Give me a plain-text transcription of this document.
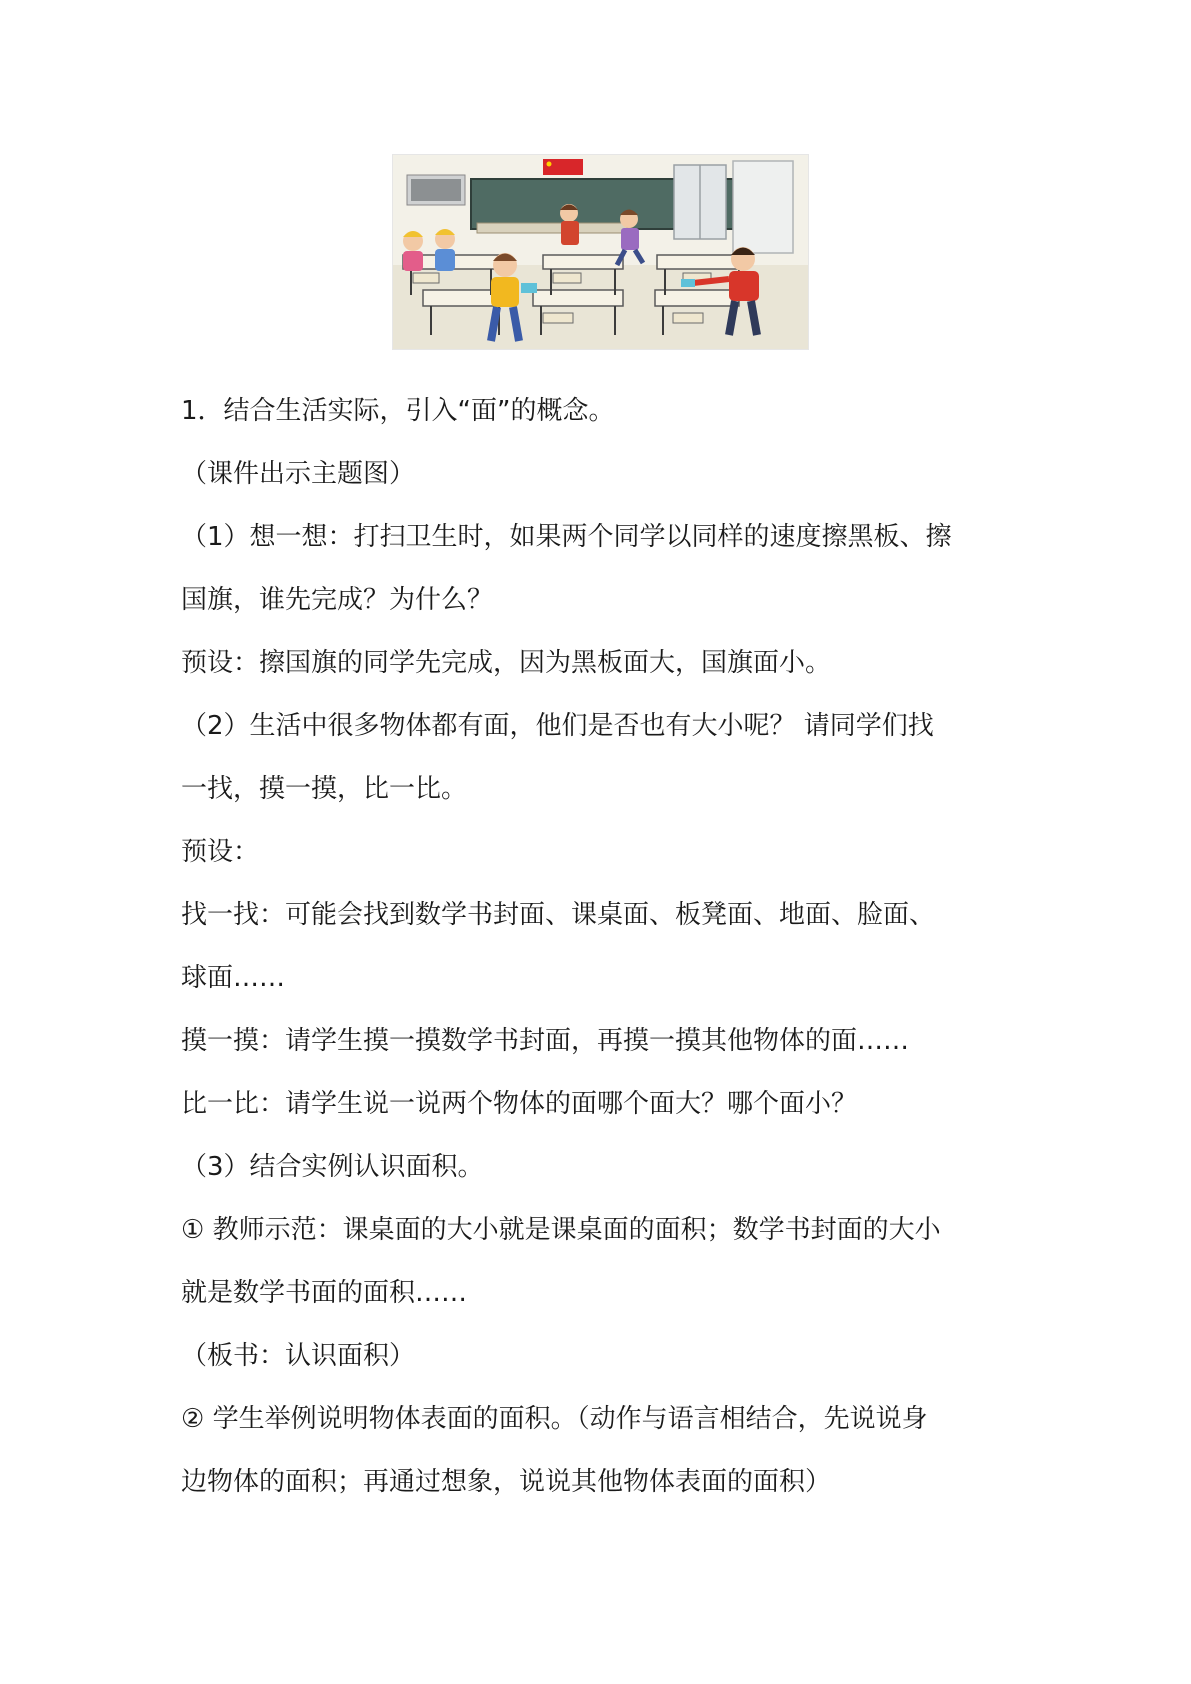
1．结合生活实际，引入“面”的概念。
（课件出示主题图）
（1）想一想：打扫卫生时，如果两个同学以同样的速度擦黑板、擦
国旗，谁先完成？为什么？
预设：擦国旗的同学先完成，因为黑板面大，国旗面小。
（2）生活中很多物体都有面，他们是否也有大小呢？ 请同学们找
一找，摸一摸，比一比。
预设：
找一找：可能会找到数学书封面、课桌面、板凳面、地面、脸面、
球面……
摸一摸：请学生摸一摸数学书封面，再摸一摸其他物体的面……
比一比：请学生说一说两个物体的面哪个面大？哪个面小？
（3）结合实例认识面积。
① 教师示范：课桌面的大小就是课桌面的面积；数学书封面的大小
就是数学书面的面积……
（板书：认识面积）
② 学生举例说明物体表面的面积。（动作与语言相结合，先说说身
边物体的面积；再通过想象，说说其他物体表面的面积）
